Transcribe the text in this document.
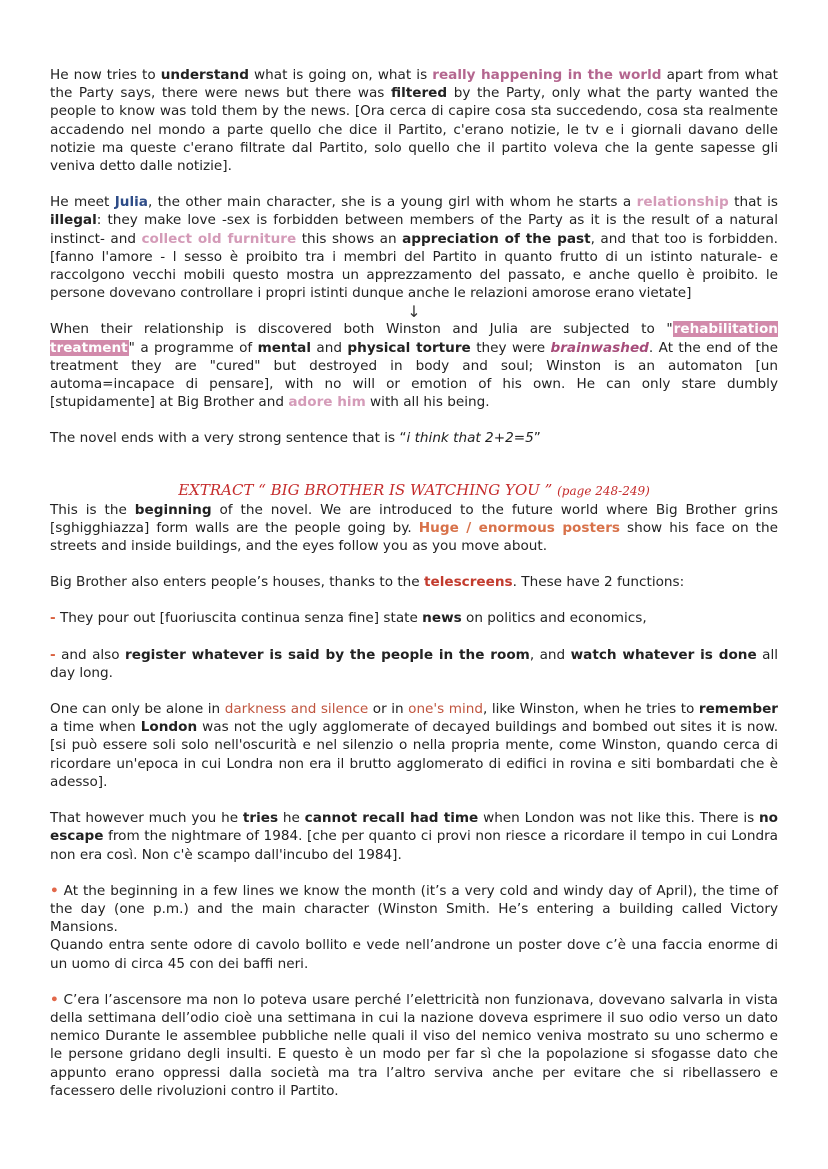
He now tries to understand what is going on, what is really happening in the world apart from what the Party says, there were news but there was filtered by the Party, only what the party wanted the people to know was told them by the news. [Ora cerca di capire cosa sta succedendo, cosa sta realmente accadendo nel mondo a parte quello che dice il Partito, c'erano notizie, le tv e i giornali davano delle notizie ma queste c'erano filtrate dal Partito, solo quello che il partito voleva che la gente sapesse gli veniva detto dalle notizie].

He meet Julia, the other main character, she is a young girl with whom he starts a relationship that is illegal: they make love -sex is forbidden between members of the Party as it is the result of a natural instinct- and collect old furniture this shows an appreciation of the past, and that too is forbidden. [fanno l'amore - l sesso è proibito tra i membri del Partito in quanto frutto di un istinto naturale- e raccolgono vecchi mobili questo mostra un apprezzamento del passato, e anche quello è proibito. le persone dovevano controllare i propri istinti dunque anche le relazioni amorose erano vietate]

↓

When their relationship is discovered both Winston and Julia are subjected to "rehabilitation treatment" a programme of mental and physical torture they were brainwashed. At the end of the treatment they are "cured" but destroyed in body and soul; Winston is an automaton [un automa=incapace di pensare], with no will or emotion of his own. He can only stare dumbly [stupidamente] at Big Brother and adore him with all his being.

The novel ends with a very strong sentence that is “i think that 2+2=5”

EXTRACT “ BIG BROTHER IS WATCHING YOU ” (page 248-249)

This is the beginning of the novel. We are introduced to the future world where Big Brother grins [sghigghiazza] form walls are the people going by. Huge / enormous posters show his face on the streets and inside buildings, and the eyes follow you as you move about.

Big Brother also enters people’s houses, thanks to the telescreens. These have 2 functions:

- They pour out [fuoriuscita continua senza fine] state news on politics and economics,

- and also register whatever is said by the people in the room, and watch whatever is done all day long.

One can only be alone in darkness and silence or in one's mind, like Winston, when he tries to remember a time when London was not the ugly agglomerate of decayed buildings and bombed out sites it is now. [si può essere soli solo nell'oscurità e nel silenzio o nella propria mente, come Winston, quando cerca di ricordare un'epoca in cui Londra non era il brutto agglomerato di edifici in rovina e siti bombardati che è adesso].

That however much you he tries he cannot recall had time when London was not like this. There is no escape from the nightmare of 1984. [che per quanto ci provi non riesce a ricordare il tempo in cui Londra non era così. Non c'è scampo dall'incubo del 1984].

• At the beginning in a few lines we know the month (it’s a very cold and windy day of April), the time of the day (one p.m.) and the main character (Winston Smith. He’s entering a building called Victory Mansions.

Quando entra sente odore di cavolo bollito e vede nell’androne un poster dove c’è una faccia enorme di un uomo di circa 45 con dei baffi neri.

• C’era l’ascensore ma non lo poteva usare perché l’elettricità non funzionava, dovevano salvarla in vista della settimana dell’odio cioè una settimana in cui la nazione doveva esprimere il suo odio verso un dato nemico Durante le assemblee pubbliche nelle quali il viso del nemico veniva mostrato su uno schermo e le persone gridano degli insulti. E questo è un modo per far sì che la popolazione si sfogasse dato che appunto erano oppressi dalla società ma tra l’altro serviva anche per evitare che si ribellassero e facessero delle rivoluzioni contro il Partito.
